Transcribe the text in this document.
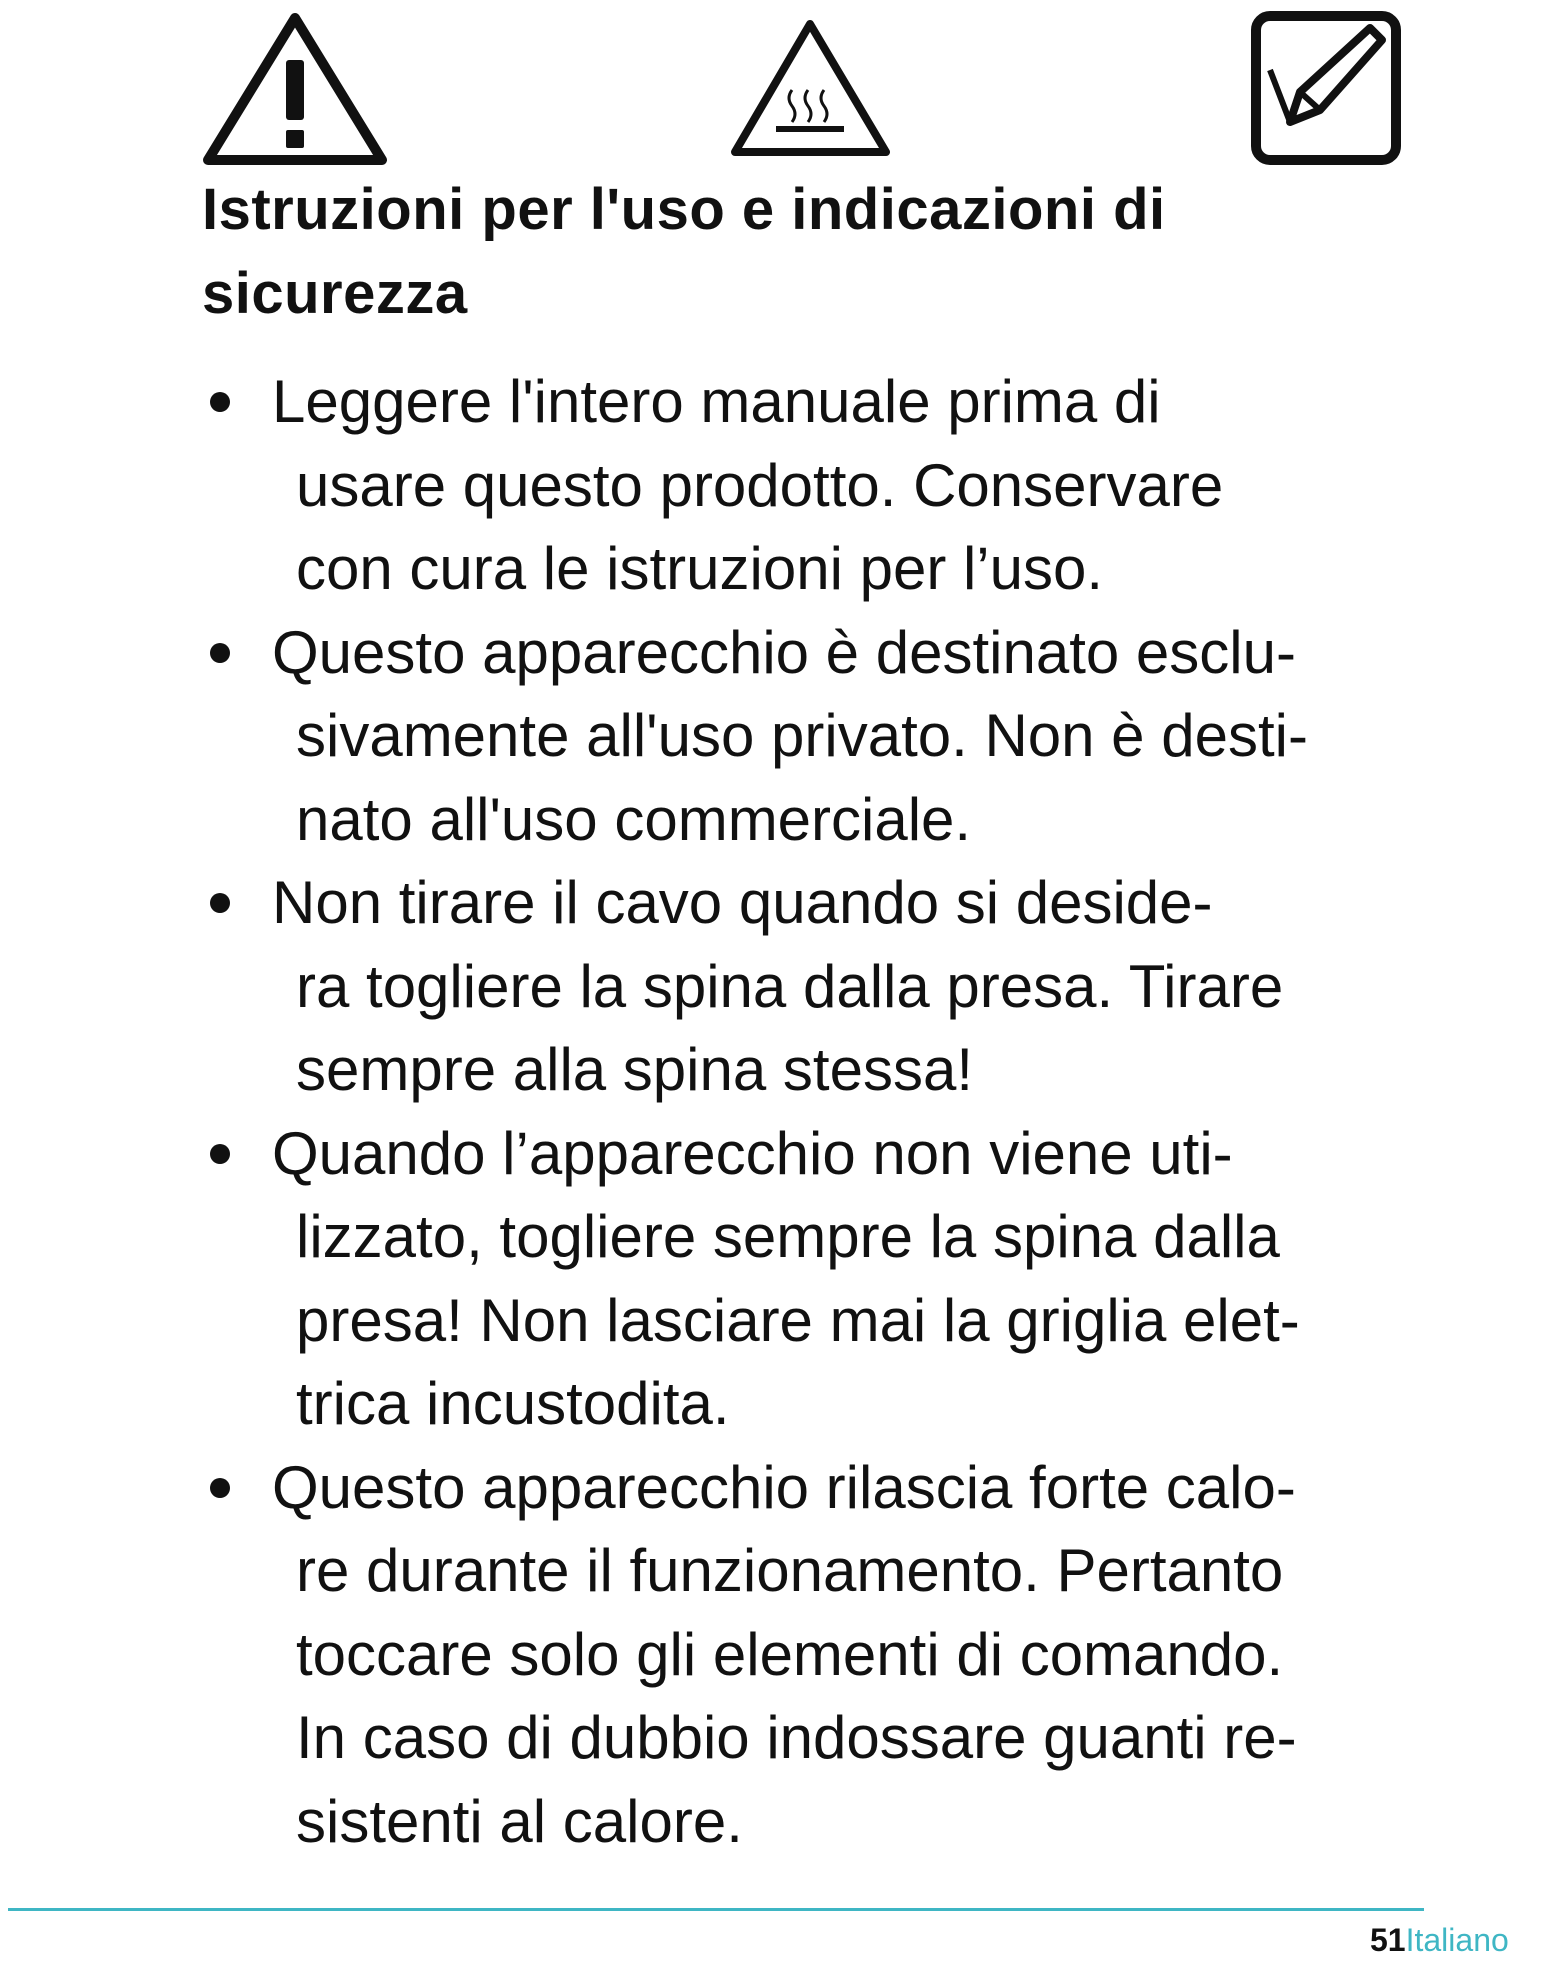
Istruzioni per l'uso e indicazioni di sicurezza
Leggere l'intero manuale prima di
usare questo prodotto. Conservare
con cura le istruzioni per l’uso.
Questo apparecchio è destinato esclu-
sivamente all'uso privato. Non è desti-
nato all'uso commerciale.
Non tirare il cavo quando si deside-
ra togliere la spina dalla presa. Tirare
sempre alla spina stessa!
Quando l’apparecchio non viene uti-
lizzato, togliere sempre la spina dalla
presa! Non lasciare mai la griglia elet-
trica incustodita.
Questo apparecchio rilascia forte calo-
re durante il funzionamento. Pertanto
toccare solo gli elementi di comando.
In caso di dubbio indossare guanti re-
sistenti al calore.
51Italiano
